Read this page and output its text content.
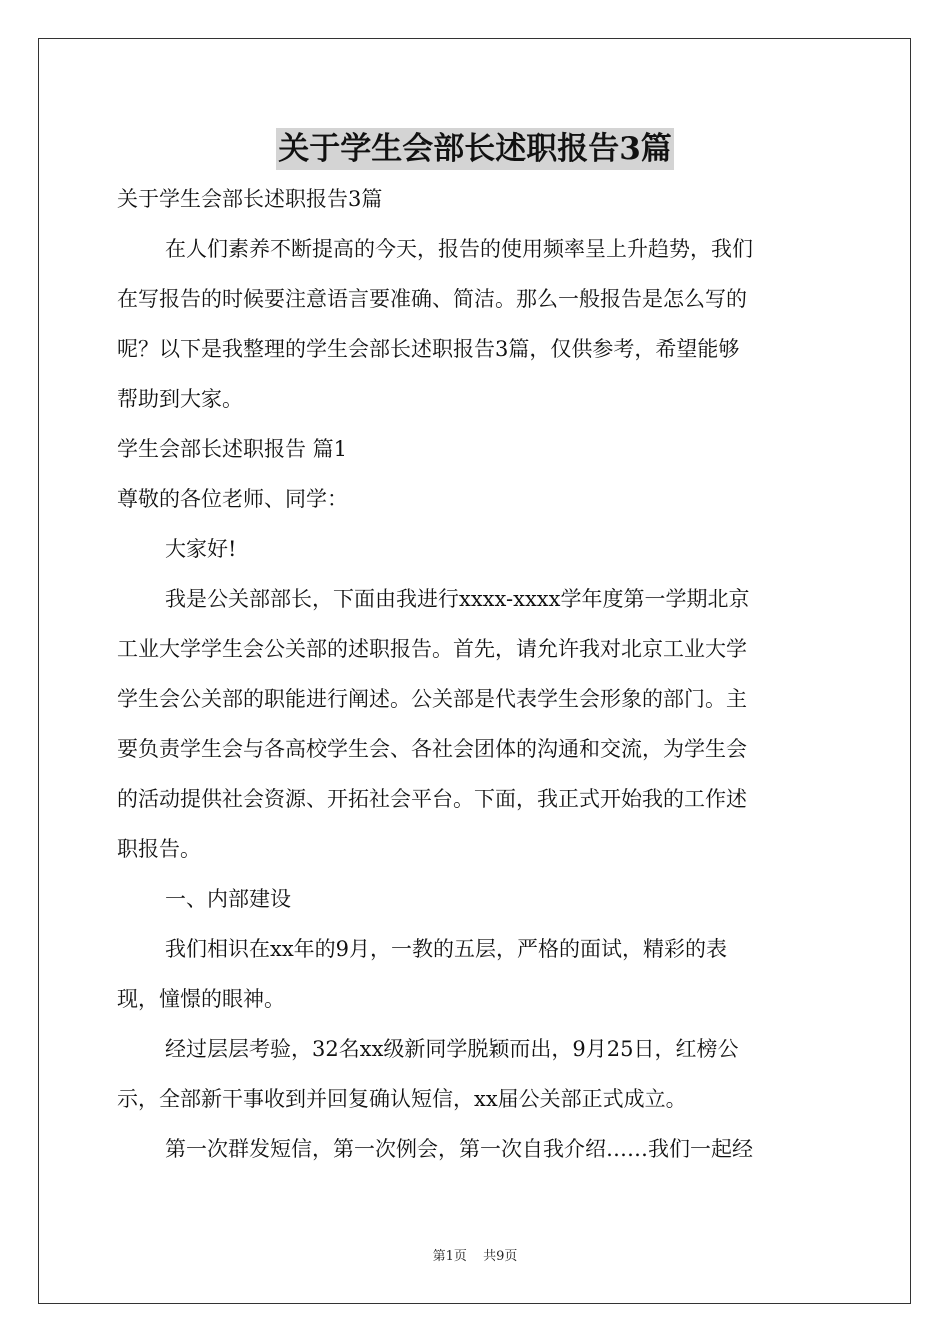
关于学生会部长述职报告3篇
关于学生会部长述职报告3篇
在人们素养不断提高的今天，报告的使用频率呈上升趋势，我们
在写报告的时候要注意语言要准确、简洁。那么一般报告是怎么写的
呢？以下是我整理的学生会部长述职报告3篇，仅供参考，希望能够
帮助到大家。
学生会部长述职报告 篇1
尊敬的各位老师、同学：
大家好!
我是公关部部长，下面由我进行xxxx-xxxx学年度第一学期北京
工业大学学生会公关部的述职报告。首先，请允许我对北京工业大学
学生会公关部的职能进行阐述。公关部是代表学生会形象的部门。主
要负责学生会与各高校学生会、各社会团体的沟通和交流，为学生会
的活动提供社会资源、开拓社会平台。下面，我正式开始我的工作述
职报告。
一、内部建设
我们相识在xx年的9月，一教的五层，严格的面试，精彩的表
现，憧憬的眼神。
经过层层考验，32名xx级新同学脱颖而出，9月25日，红榜公
示，全部新干事收到并回复确认短信，xx届公关部正式成立。
第一次群发短信，第一次例会，第一次自我介绍……我们一起经
第1页 共9页
